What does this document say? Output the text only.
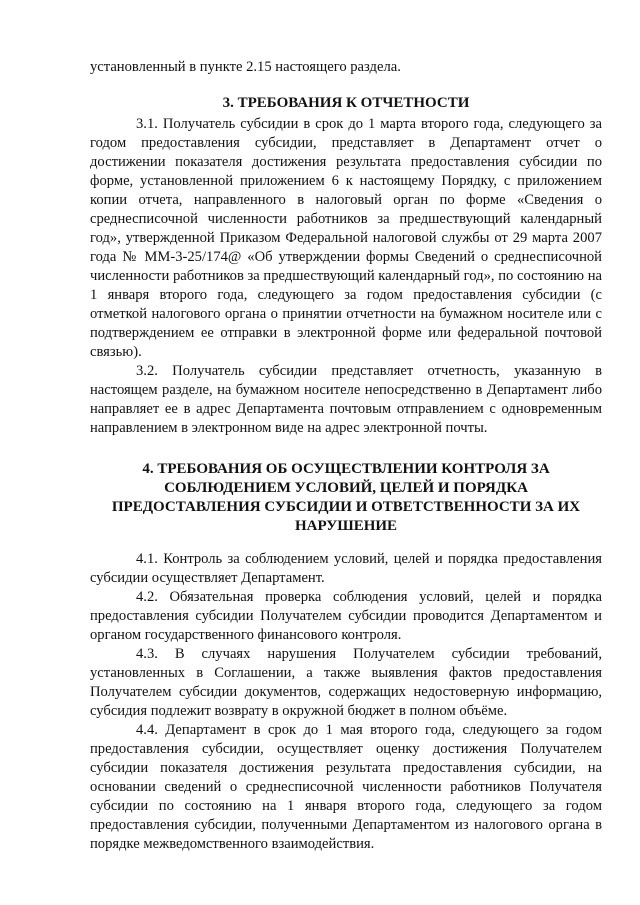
установленный в пункте 2.15 настоящего раздела.

3. ТРЕБОВАНИЯ К ОТЧЕТНОСТИ

3.1. Получатель субсидии в срок до 1 марта второго года, следующего за годом предоставления субсидии, представляет в Департамент отчет о достижении показателя достижения результата предоставления субсидии по форме, установленной приложением 6 к настоящему Порядку, с приложением копии отчета, направленного в налоговый орган по форме «Сведения о среднесписочной численности работников за предшествующий календарный год», утвержденной Приказом Федеральной налоговой службы от 29 марта 2007 года № ММ-3-25/174@ «Об утверждении формы Сведений о среднесписочной численности работников за предшествующий календарный год», по состоянию на 1 января второго года, следующего за годом предоставления субсидии (с отметкой налогового органа о принятии отчетности на бумажном носителе или с подтверждением ее отправки в электронной форме или федеральной почтовой связью).

3.2. Получатель субсидии представляет отчетность, указанную в настоящем разделе, на бумажном носителе непосредственно в Департамент либо направляет ее в адрес Департамента почтовым отправлением с одновременным направлением в электронном виде на адрес электронной почты.

4. ТРЕБОВАНИЯ ОБ ОСУЩЕСТВЛЕНИИ КОНТРОЛЯ ЗА СОБЛЮДЕНИЕМ УСЛОВИЙ, ЦЕЛЕЙ И ПОРЯДКА ПРЕДОСТАВЛЕНИЯ СУБСИДИИ И ОТВЕТСТВЕННОСТИ ЗА ИХ НАРУШЕНИЕ

4.1. Контроль за соблюдением условий, целей и порядка предоставления субсидии осуществляет Департамент.

4.2. Обязательная проверка соблюдения условий, целей и порядка предоставления субсидии Получателем субсидии проводится Департаментом и органом государственного финансового контроля.

4.3. В случаях нарушения Получателем субсидии требований, установленных в Соглашении, а также выявления фактов предоставления Получателем субсидии документов, содержащих недостоверную информацию, субсидия подлежит возврату в окружной бюджет в полном объёме.

4.4. Департамент в срок до 1 мая второго года, следующего за годом предоставления субсидии, осуществляет оценку достижения Получателем субсидии показателя достижения результата предоставления субсидии, на основании сведений о среднесписочной численности работников Получателя субсидии по состоянию на 1 января второго года, следующего за годом предоставления субсидии, полученными Департаментом из налогового органа в порядке межведомственного взаимодействия.
